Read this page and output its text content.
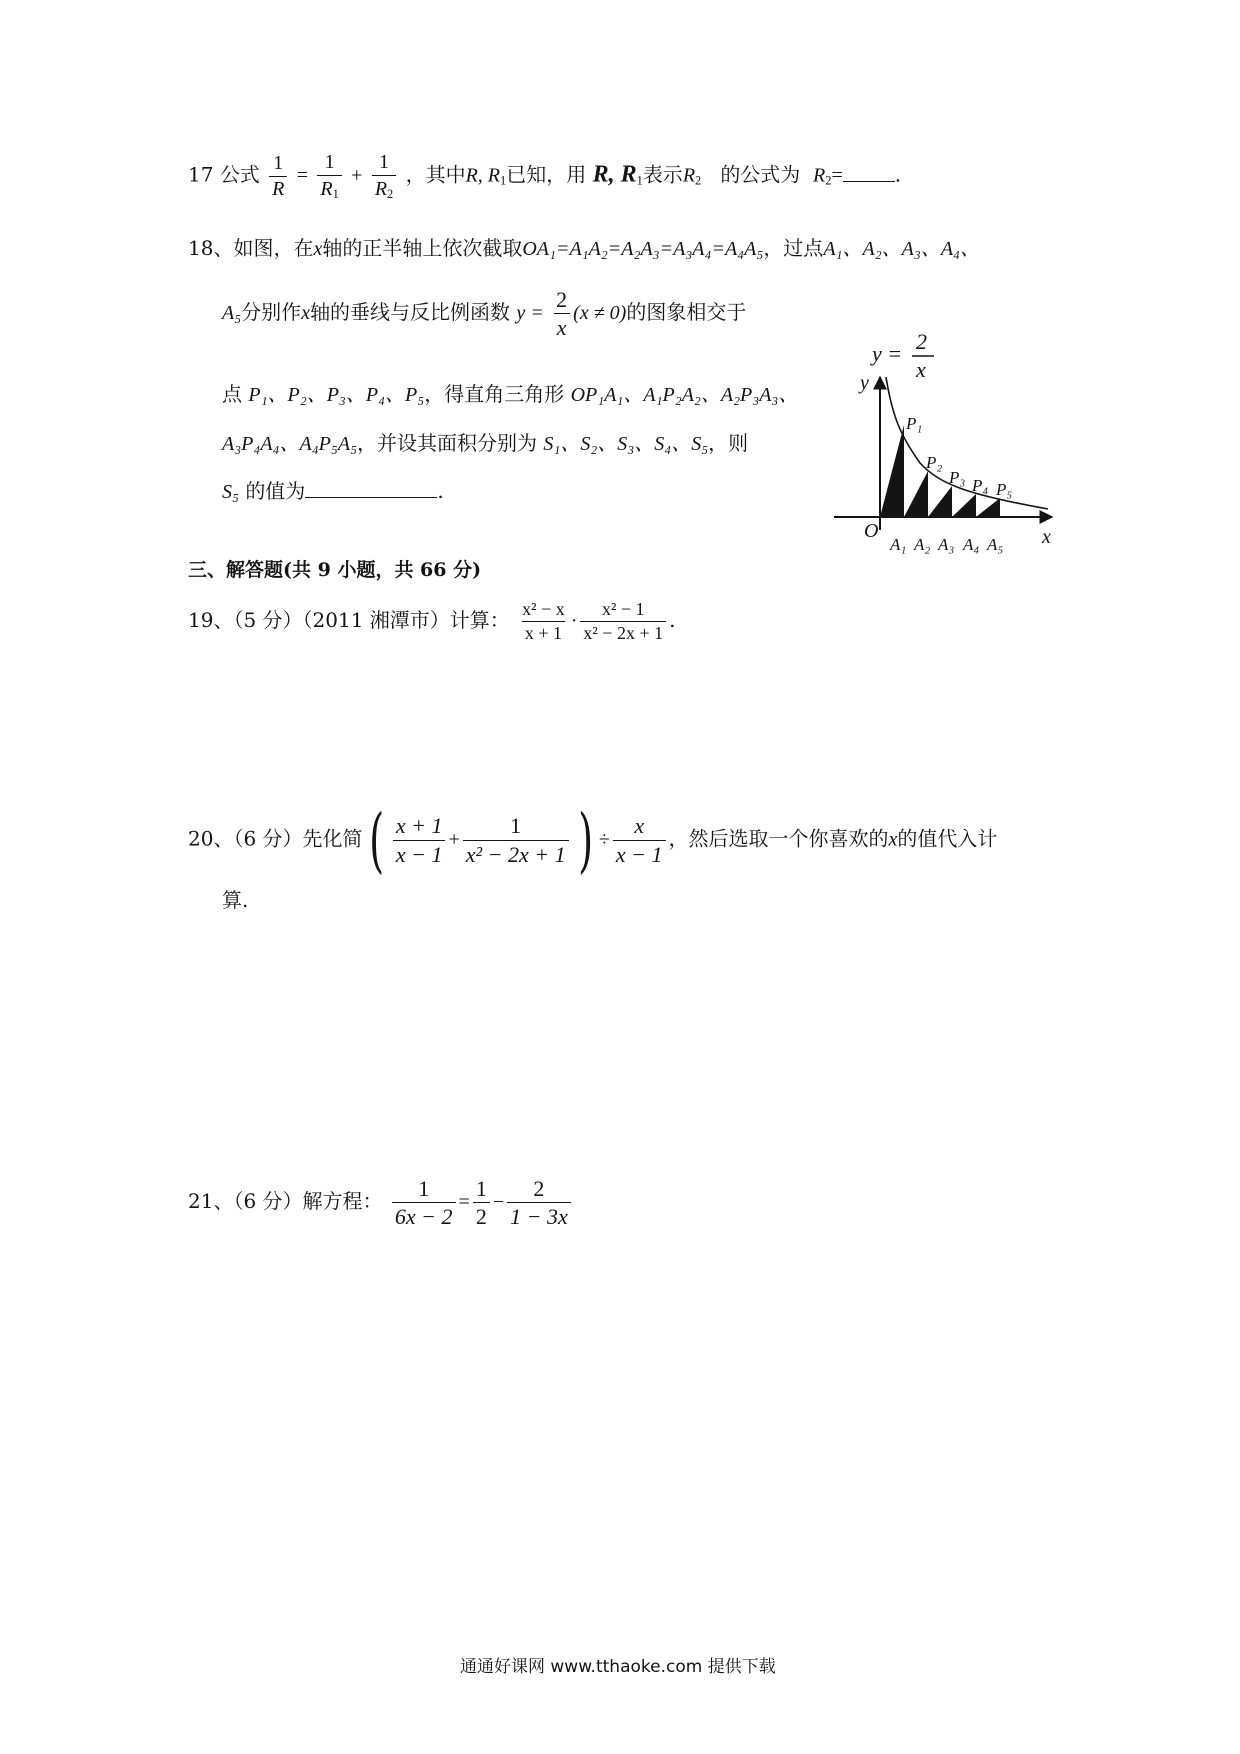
17 公式 $\frac{1}{R} = \frac{1}{R_1} + \frac{1}{R_2}$ ，其中R, $R_1$已知，用 R, $R_1$表示$R_2$ 的公式为 $R_2=$	.
18、如图，在x轴的正半轴上依次截取OA₁=A₁A₂=A₂A₃=A₃A₄=A₄A₅，过点A₁、A₂、A₃、A₄、
A₅分别作x轴的垂线与反比例函数 $y = \frac{2}{x} (x \ne 0)$的图象相交于
点 P₁、P₂、P₃、P₄、P₅，得直角三角形 OP₁A₁、A₁P₂A₂、A₂P₃A₃、
A₃P₄A₄、A₄P₅A₅，并设其面积分别为 S₁、S₂、S₃、S₄、S₅，则
S₅ 的值为	.
y = 2
x
y
x
O
P₁
P₂
P₃ P₄ P₅
A₁ A₂ A₃ A₄ A₅
三、解答题(共 9 小题，共 66 分)
19、（5 分）（2011 湘潭市）计算： $\frac{\text{x² − x}}{x + 1} \cdot \frac{\text{x² − 1}}{\text{x² − 2x + 1}}$ .
20、（6 分）先化简( $\frac{x + 1}{x - 1} + \frac{1}{\text{x² − 2x + 1}}$ ) ÷ $\frac{x}{x - 1}$ ，然后选取一个你喜欢的x的值代入计
算.
21、（6 分）解方程： $\frac{1}{6x - 2} = \frac{1}{2} - \frac{2}{1 - 3x}$
通通好课网 www.tthaoke.com 提供下载
